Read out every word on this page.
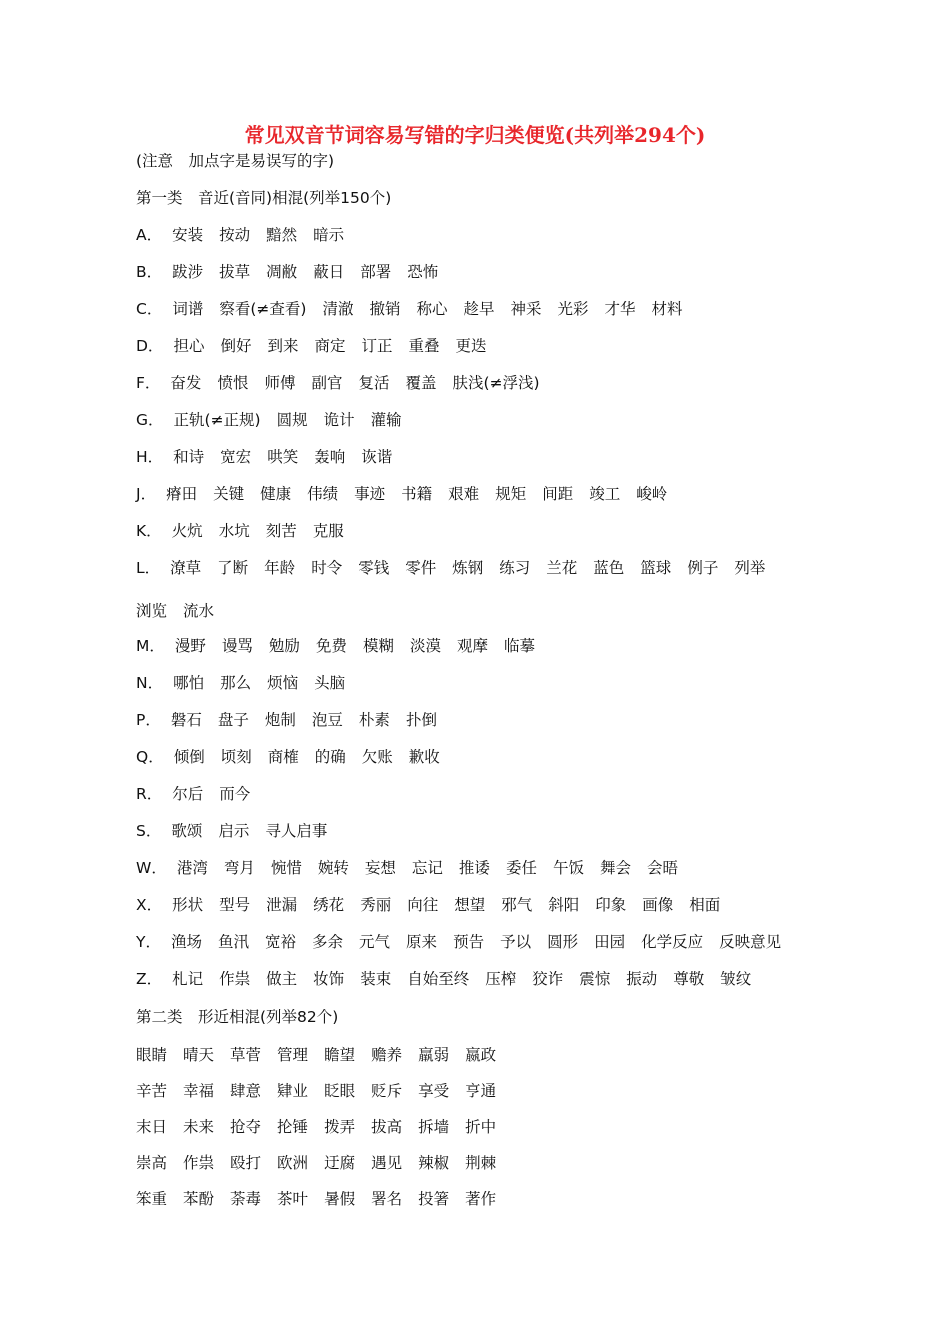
常见双音节词容易写错的字归类便览(共列举294个)
(注意　加点字是易误写的字)
第一类　音近(音同)相混(列举150个)
A． 安装 按动 黯然 暗示
B． 跋涉 拔草 凋敝 蔽日 部署 恐怖
C． 词谱 察看(≠查看) 清澈 撤销 称心 趁早 神采 光彩 才华 材料
D． 担心 倒好 到来 商定 订正 重叠 更迭
F． 奋发 愤恨 师傅 副官 复活 覆盖 肤浅(≠浮浅)
G． 正轨(≠正规) 圆规 诡计 灌输
H． 和诗 宽宏 哄笑 轰响 诙谐
J． 瘠田 关键 健康 伟绩 事迹 书籍 艰难 规矩 间距 竣工 峻岭
K． 火炕 水坑 刻苦 克服
L． 潦草 了断 年龄 时令 零钱 零件 炼钢 练习 兰花 蓝色 篮球 例子 列举
浏览 流水
M． 漫野 谩骂 勉励 免费 模糊 淡漠 观摩 临摹
N． 哪怕 那么 烦恼 头脑
P． 磐石 盘子 炮制 泡豆 朴素 扑倒
Q． 倾倒 顷刻 商榷 的确 欠账 歉收
R． 尔后 而今
S． 歌颂 启示 寻人启事
W． 港湾 弯月 惋惜 婉转 妄想 忘记 推诿 委任 午饭 舞会 会晤
X． 形状 型号 泄漏 绣花 秀丽 向往 想望 邪气 斜阳 印象 画像 相面
Y． 渔场 鱼汛 宽裕 多余 元气 原来 预告 予以 圆形 田园 化学反应 反映意见
Z． 札记 作祟 做主 妆饰 装束 自始至终 压榨 狡诈 震惊 振动 尊敬 皱纹
第二类　形近相混(列举82个)
眼睛 晴天 草菅 管理 瞻望 赡养 羸弱 嬴政
辛苦 幸福 肆意 肄业 眨眼 贬斥 享受 亨通
末日 未来 抢夺 抡锤 拨弄 拔高 拆墙 折中
崇高 作祟 殴打 欧洲 迂腐 遇见 辣椒 荆棘
笨重 苯酚 荼毒 茶叶 暑假 署名 投箸 著作
